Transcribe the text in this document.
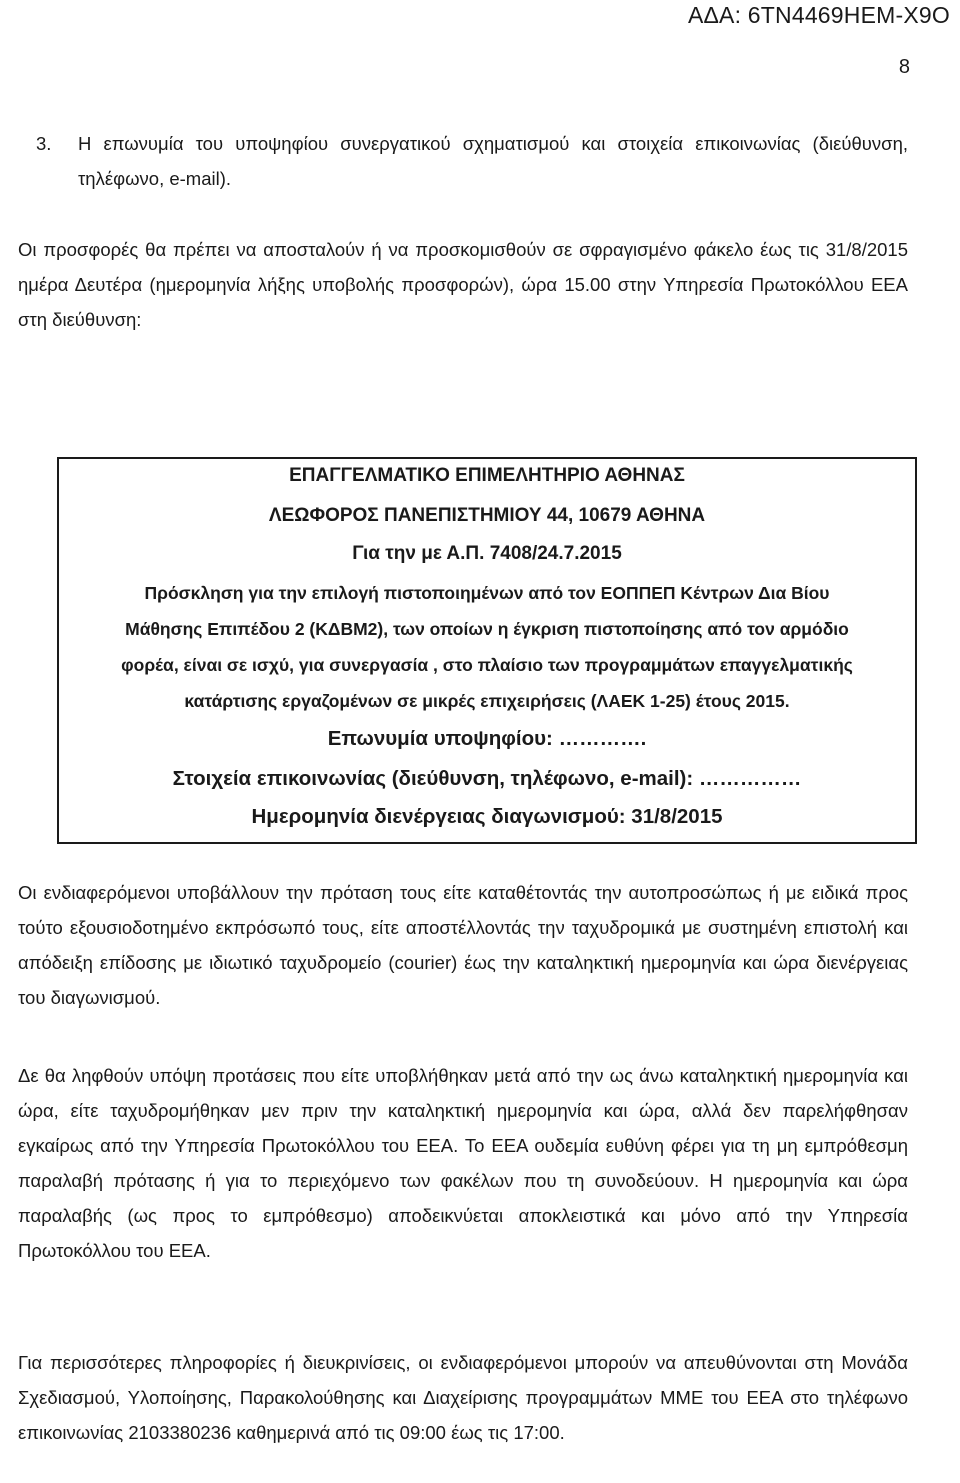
ΑΔΑ: 6ΤΝ4469ΗΕΜ-Χ9Ο
8
3.	Η επωνυμία του υποψηφίου συνεργατικού σχηματισμού και στοιχεία επικοινωνίας (διεύθυνση, τηλέφωνο, e-mail).
Οι προσφορές θα πρέπει να αποσταλούν ή να προσκομισθούν σε σφραγισμένο φάκελο έως τις 31/8/2015 ημέρα Δευτέρα (ημερομηνία λήξης υποβολής προσφορών), ώρα 15.00 στην Υπηρεσία Πρωτοκόλλου ΕΕΑ στη διεύθυνση:
ΕΠΑΓΓΕΛΜΑΤΙΚΟ ΕΠΙΜΕΛΗΤΗΡΙΟ ΑΘΗΝΑΣ
ΛΕΩΦΟΡΟΣ ΠΑΝΕΠΙΣΤΗΜΙΟΥ 44, 10679 ΑΘΗΝΑ
Για την με Α.Π. 7408/24.7.2015
Πρόσκληση για την επιλογή πιστοποιημένων από τον ΕΟΠΠΕΠ Κέντρων Δια Βίου
Μάθησης Επιπέδου 2 (ΚΔΒΜ2), των οποίων η έγκριση πιστοποίησης από τον αρμόδιο
φορέα, είναι σε ισχύ, για συνεργασία , στο πλαίσιο των προγραμμάτων επαγγελματικής
κατάρτισης εργαζομένων σε μικρές επιχειρήσεις (ΛΑΕΚ 1-25) έτους 2015.
Επωνυμία υποψηφίου: ………….
Στοιχεία επικοινωνίας (διεύθυνση, τηλέφωνο, e-mail): ……………
Ημερομηνία διενέργειας διαγωνισμού: 31/8/2015
Οι ενδιαφερόμενοι υποβάλλουν την πρόταση τους είτε καταθέτοντάς την αυτοπροσώπως ή με ειδικά προς τούτο εξουσιοδοτημένο εκπρόσωπό τους, είτε αποστέλλοντάς την ταχυδρομικά με συστημένη επιστολή και απόδειξη επίδοσης με ιδιωτικό ταχυδρομείο (courier) έως την καταληκτική ημερομηνία και ώρα διενέργειας του διαγωνισμού.
Δε θα ληφθούν υπόψη προτάσεις που είτε υποβλήθηκαν μετά από την ως άνω καταληκτική ημερομηνία και ώρα, είτε ταχυδρομήθηκαν μεν πριν την καταληκτική ημερομηνία και ώρα, αλλά δεν παρελήφθησαν εγκαίρως από την Υπηρεσία Πρωτοκόλλου του ΕΕΑ. Το ΕΕΑ ουδεμία ευθύνη φέρει για τη μη εμπρόθεσμη παραλαβή πρότασης ή για το περιεχόμενο των φακέλων που τη συνοδεύουν. Η ημερομηνία και ώρα παραλαβής (ως προς το εμπρόθεσμο) αποδεικνύεται αποκλειστικά και μόνο από την Υπηρεσία Πρωτοκόλλου του ΕΕΑ.
Για περισσότερες πληροφορίες ή διευκρινίσεις, οι ενδιαφερόμενοι μπορούν να απευθύνονται στη Μονάδα Σχεδιασμού, Υλοποίησης, Παρακολούθησης και Διαχείρισης προγραμμάτων ΜΜΕ του ΕΕΑ στο τηλέφωνο επικοινωνίας 2103380236 καθημερινά από τις 09:00 έως τις 17:00.
